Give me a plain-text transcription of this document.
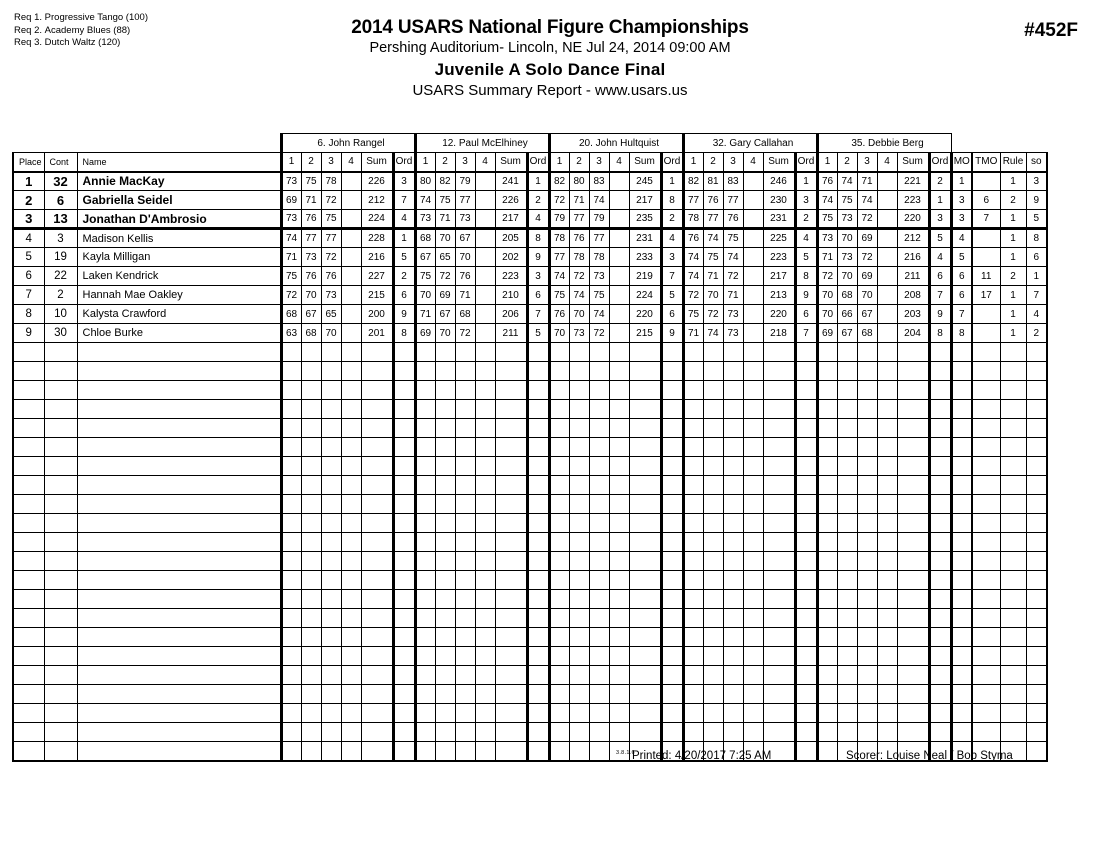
Req 1. Progressive Tango (100)
Req 2. Academy Blues (88)
Req 3. Dutch Waltz (120)
2014 USARS National Figure Championships
Pershing Auditorium- Lincoln, NE Jul 24, 2014 09:00 AM
Juvenile A Solo Dance Final
USARS Summary Report - www.usars.us
#452F
			6. John Rangel						12. Paul McElhiney						20. John Hultquist						32. Gary Callahan						35. Debbie Berg									
Place	Cont	Name	1	2	3	4	Sum	Ord	1	2	3	4	Sum	Ord	1	2	3	4	Sum	Ord	1	2	3	4	Sum	Ord	1	2	3	4	Sum	Ord	MO	TMO	Rule	so
1	32	Annie MacKay	73	75	78		226	3	80	82	79		241	1	82	80	83		245	1	82	81	83		246	1	76	74	71		221	2	1		1	3
2	6	Gabriella Seidel	69	71	72		212	7	74	75	77		226	2	72	71	74		217	8	77	76	77		230	3	74	75	74		223	1	3	6	2	9
3	13	Jonathan D'Ambrosio	73	76	75		224	4	73	71	73		217	4	79	77	79		235	2	78	77	76		231	2	75	73	72		220	3	3	7	1	5
4	3	Madison Kellis	74	77	77		228	1	68	70	67		205	8	78	76	77		231	4	76	74	75		225	4	73	70	69		212	5	4		1	8
5	19	Kayla Milligan	71	73	72		216	5	67	65	70		202	9	77	78	78		233	3	74	75	74		223	5	71	73	72		216	4	5		1	6
6	22	Laken Kendrick	75	76	76		227	2	75	72	76		223	3	74	72	73		219	7	74	71	72		217	8	72	70	69		211	6	6	11	2	1
7	2	Hannah Mae Oakley	72	70	73		215	6	70	69	71		210	6	75	74	75		224	5	72	70	71		213	9	70	68	70		208	7	6	17	1	7
8	10	Kalysta Crawford	68	67	65		200	9	71	67	68		206	7	76	70	74		220	6	75	72	73		220	6	70	66	67		203	9	7		1	4
9	30	Chloe Burke	63	68	70		201	8	69	70	72		211	5	70	73	72		215	9	71	74	73		218	7	69	67	68		204	8	8		1	2

3.8.1.6
Printed: 4/20/2017 7:25 AM	Scorer: Louise Neal / Bob Styma
